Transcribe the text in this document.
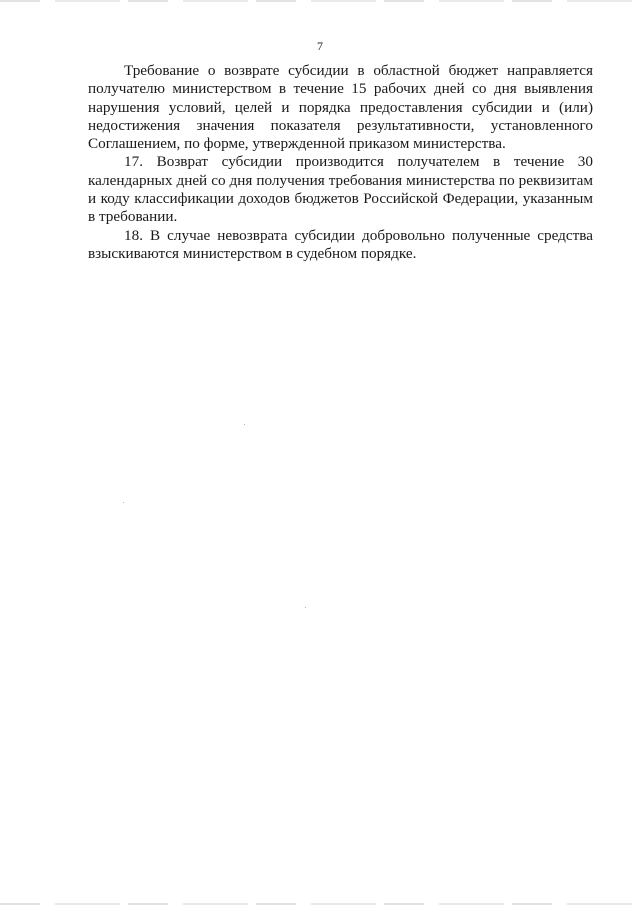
7

Требование о возврате субсидии в областной бюджет направляется получателю министерством в течение 15 рабочих дней со дня выявления нарушения условий, целей и порядка предоставления субсидии и (или) недостижения значения показателя результативности, установленного Соглашением, по форме, утвержденной приказом министерства.

17. Возврат субсидии производится получателем в течение 30 календарных дней со дня получения требования министерства по реквизитам и коду классификации доходов бюджетов Российской Федерации, указанным в требовании.

18. В случае невозврата субсидии добровольно полученные средства взыскиваются министерством в судебном порядке.
